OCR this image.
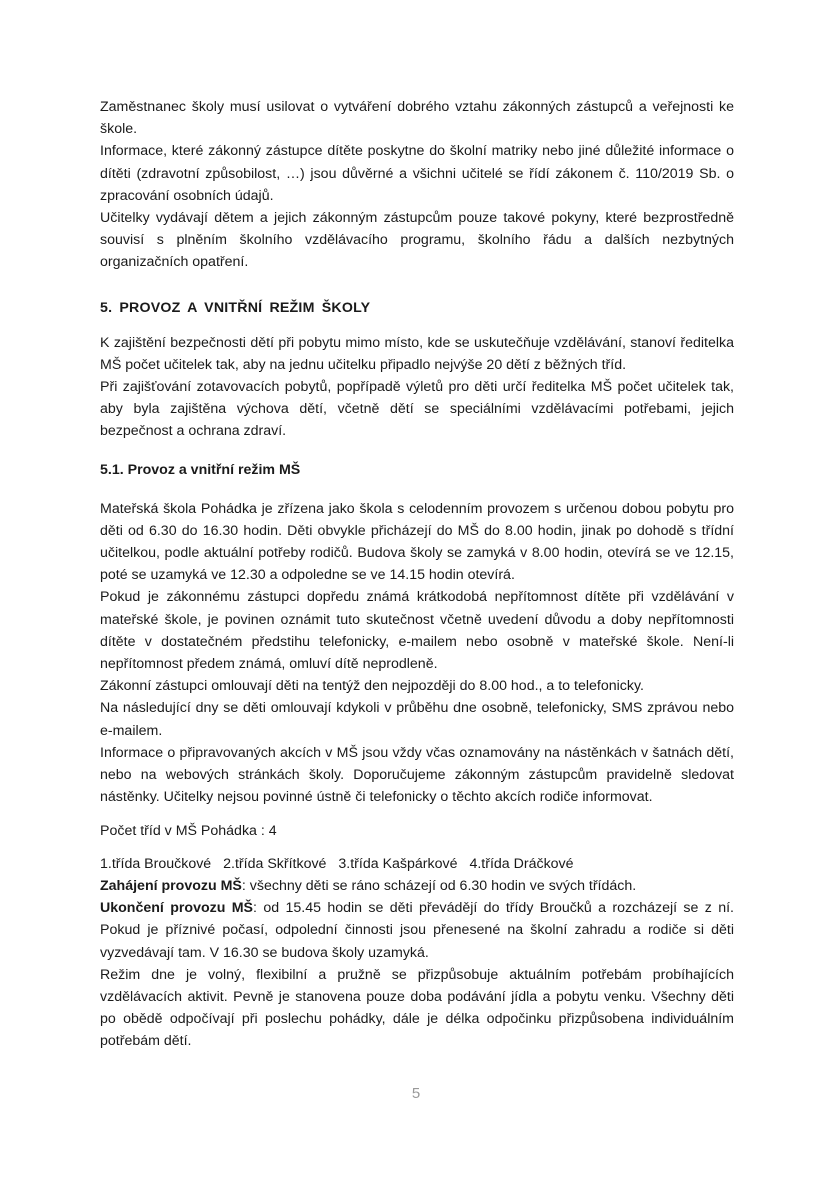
Zaměstnanec školy musí usilovat o vytváření dobrého vztahu zákonných zástupců a veřejnosti ke škole.

Informace, které zákonný zástupce dítěte poskytne do školní matriky nebo jiné důležité informace o dítěti (zdravotní způsobilost, …) jsou důvěrné a všichni učitelé se řídí zákonem č. 110/2019 Sb. o zpracování osobních údajů.

Učitelky vydávají dětem a jejich zákonným zástupcům pouze takové pokyny, které bezprostředně souvisí s plněním školního vzdělávacího programu, školního řádu a dalších nezbytných organizačních opatření.

5. PROVOZ A VNITŘNÍ REŽIM ŠKOLY

K zajištění bezpečnosti dětí při pobytu mimo místo, kde se uskutečňuje vzdělávání, stanoví ředitelka MŠ počet učitelek tak, aby na jednu učitelku připadlo nejvýše 20 dětí z běžných tříd.

Při zajišťování zotavovacích pobytů, popřípadě výletů pro děti určí ředitelka MŠ počet učitelek tak, aby byla zajištěna výchova dětí, včetně dětí se speciálními vzdělávacími potřebami, jejich bezpečnost a ochrana zdraví.

5.1. Provoz a vnitřní režim MŠ

Mateřská škola Pohádka je zřízena jako škola s celodenním provozem s určenou dobou pobytu pro děti od 6.30 do 16.30 hodin. Děti obvykle přicházejí do MŠ do 8.00 hodin, jinak po dohodě s třídní učitelkou, podle aktuální potřeby rodičů. Budova školy se zamyká v 8.00 hodin, otevírá se ve 12.15, poté se uzamyká ve 12.30 a odpoledne se ve 14.15 hodin otevírá.

Pokud je zákonnému zástupci dopředu známá krátkodobá nepřítomnost dítěte při vzdělávání v mateřské škole, je povinen oznámit tuto skutečnost včetně uvedení důvodu a doby nepřítomnosti dítěte v dostatečném předstihu telefonicky, e-mailem nebo osobně v mateřské škole. Není-li nepřítomnost předem známá, omluví dítě neprodleně.

Zákonní zástupci omlouvají děti na tentýž den nejpozději do 8.00 hod., a to telefonicky.

Na následující dny se děti omlouvají kdykoli v průběhu dne osobně, telefonicky, SMS zprávou nebo e-mailem.

Informace o připravovaných akcích v MŠ jsou vždy včas oznamovány na nástěnkách v šatnách dětí, nebo na webových stránkách školy. Doporučujeme zákonným zástupcům pravidelně sledovat nástěnky. Učitelky nejsou povinné ústně či telefonicky o těchto akcích rodiče informovat.

Počet tříd v MŠ Pohádka : 4

1.třída Broučkové 2.třída Skřítkové 3.třída Kašpárkové 4.třída Dráčkové

Zahájení provozu MŠ: všechny děti se ráno scházejí od 6.30 hodin ve svých třídách.

Ukončení provozu MŠ: od 15.45 hodin se děti převádějí do třídy Broučků a rozcházejí se z ní. Pokud je příznivé počasí, odpolední činnosti jsou přenesené na školní zahradu a rodiče si děti vyzvedávají tam. V 16.30 se budova školy uzamyká.

Režim dne je volný, flexibilní a pružně se přizpůsobuje aktuálním potřebám probíhajících vzdělávacích aktivit. Pevně je stanovena pouze doba podávání jídla a pobytu venku. Všechny děti po obědě odpočívají při poslechu pohádky, dále je délka odpočinku přizpůsobena individuálním potřebám dětí.

5
